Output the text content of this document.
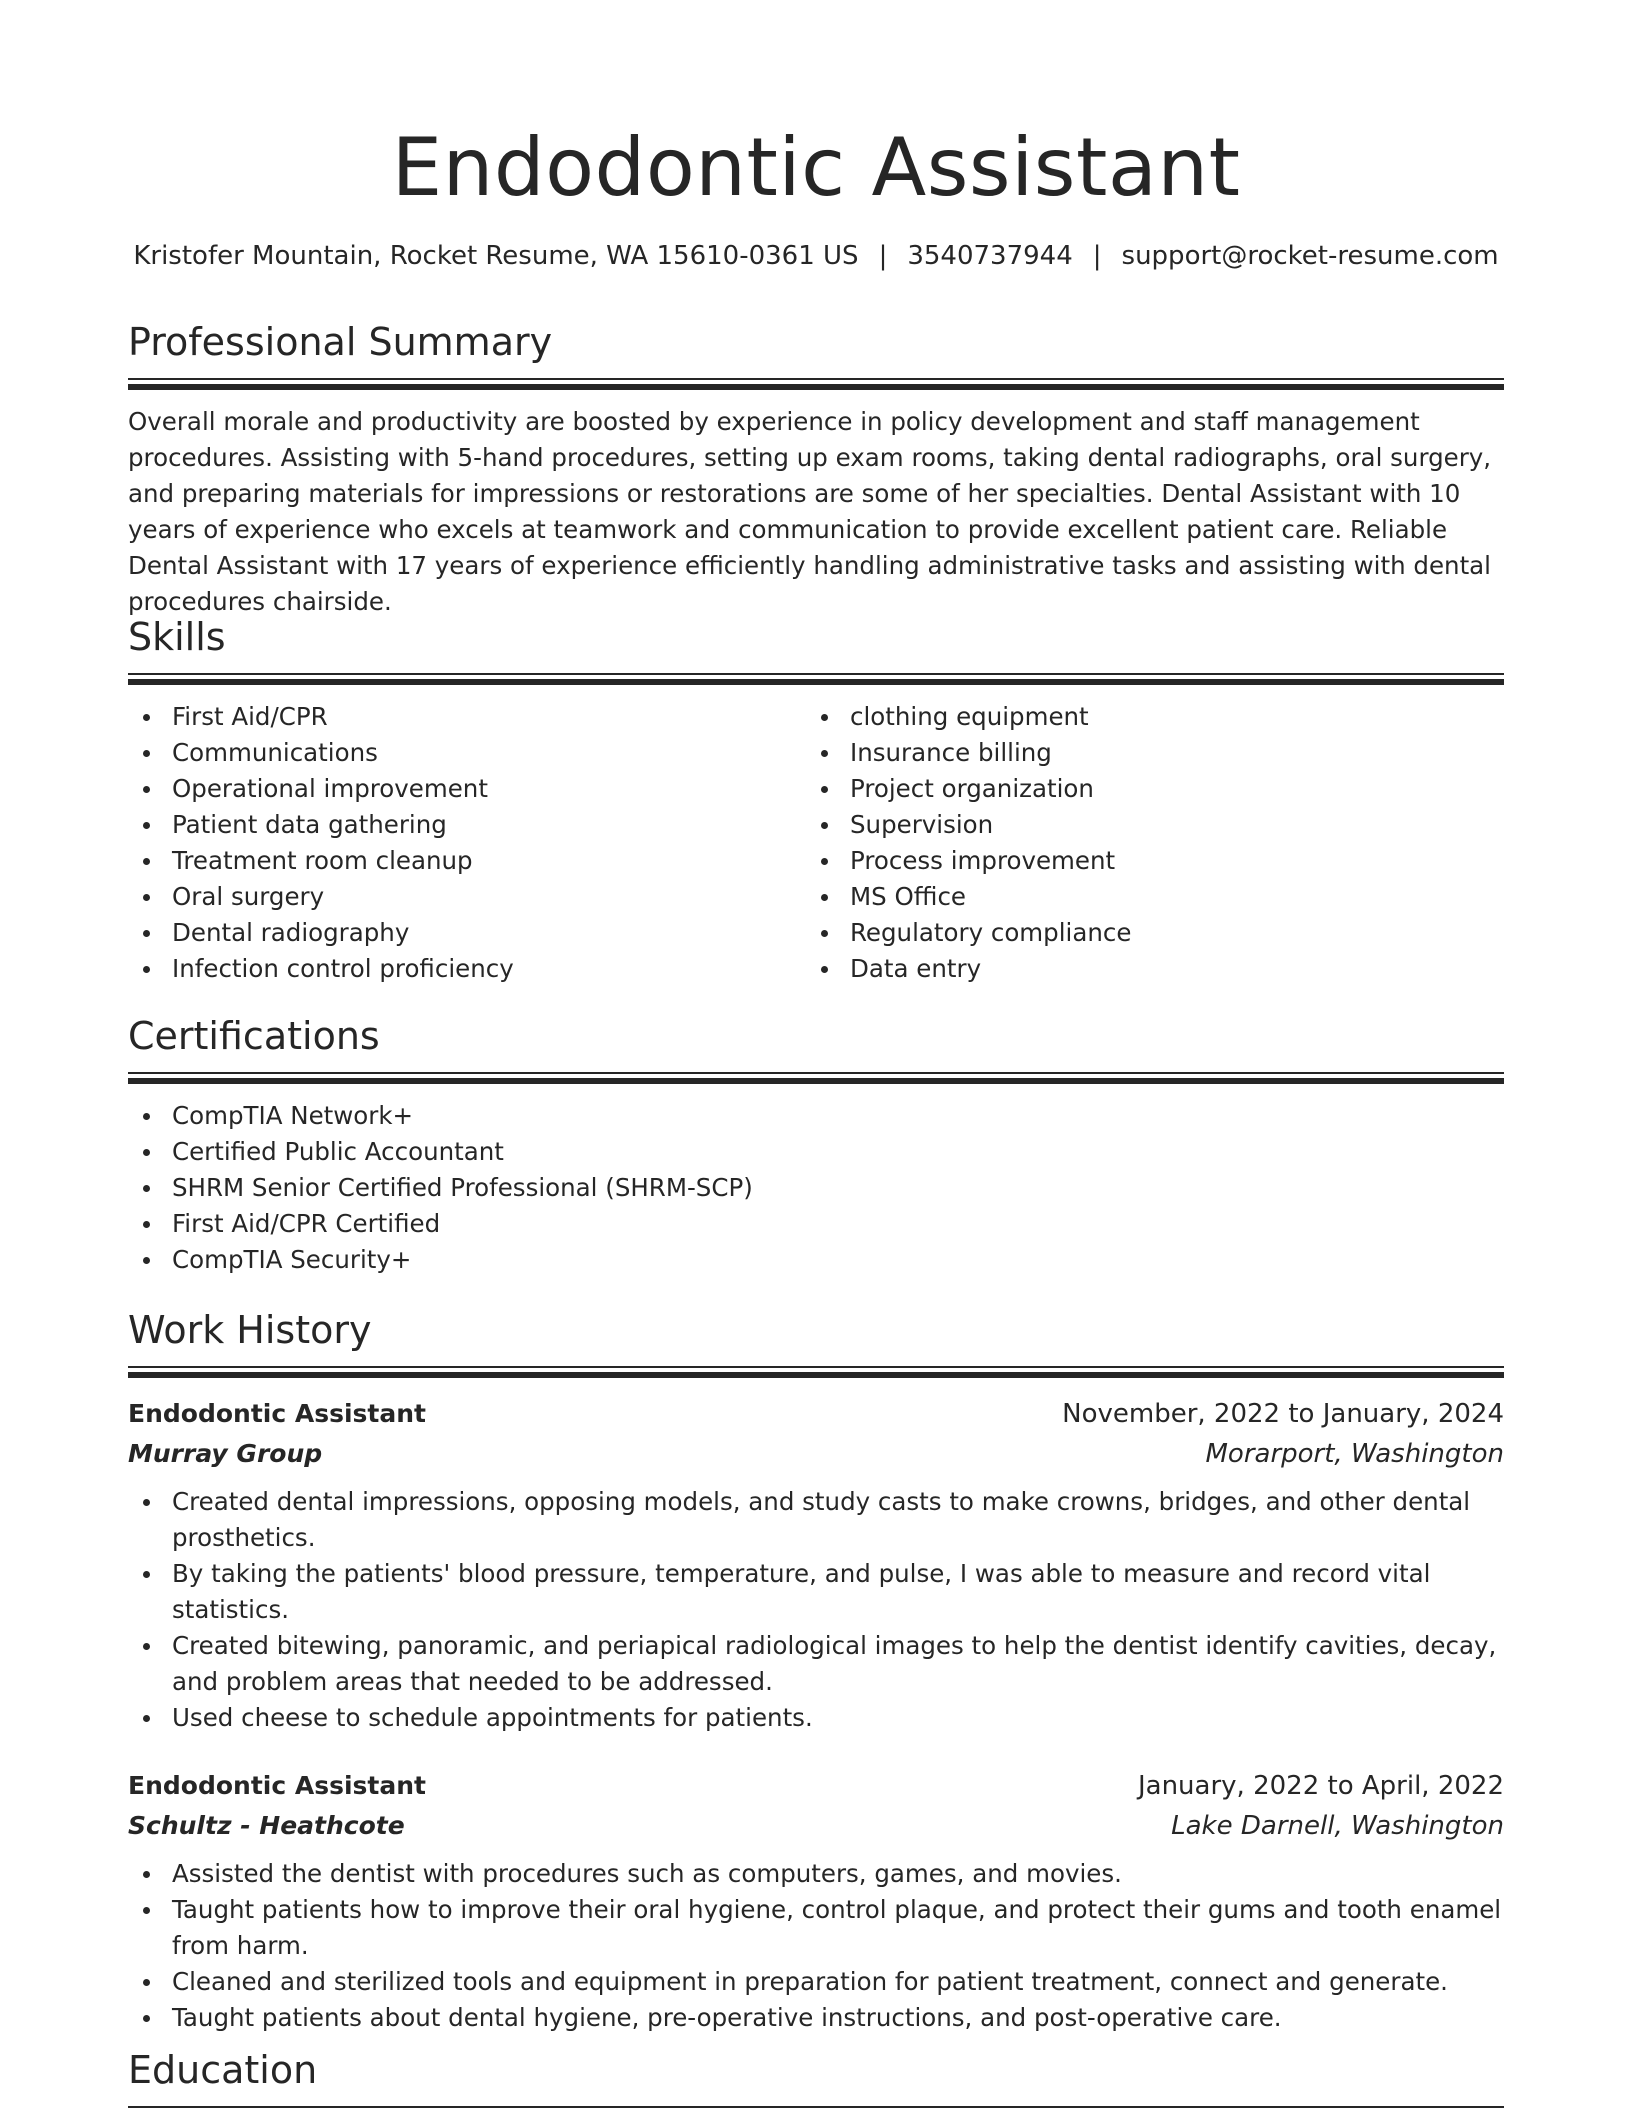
Endodontic Assistant
Kristofer Mountain, Rocket Resume, WA 15610-0361 US | 3540737944 | support@rocket-resume.com
Professional Summary

Overall morale and productivity are boosted by experience in policy development and staff management procedures. Assisting with 5-hand procedures, setting up exam rooms, taking dental radiographs, oral surgery, and preparing materials for impressions or restorations are some of her specialties. Dental Assistant with 10 years of experience who excels at teamwork and communication to provide excellent patient care. Reliable Dental Assistant with 17 years of experience efficiently handling administrative tasks and assisting with dental procedures chairside.

Skills
First Aid/CPR
Communications
Operational improvement
Patient data gathering
Treatment room cleanup
Oral surgery
Dental radiography
Infection control proficiency
clothing equipment
Insurance billing
Project organization
Supervision
Process improvement
MS Office
Regulatory compliance
Data entry
Certifications
CompTIA Network+
Certified Public Accountant
SHRM Senior Certified Professional (SHRM-SCP)
First Aid/CPR Certified
CompTIA Security+
Work History
Endodontic Assistant	November, 2022 to January, 2024
Murray Group	Morarport, Washington
Created dental impressions, opposing models, and study casts to make crowns, bridges, and other dental prosthetics.
By taking the patients' blood pressure, temperature, and pulse, I was able to measure and record vital statistics.
Created bitewing, panoramic, and periapical radiological images to help the dentist identify cavities, decay, and problem areas that needed to be addressed.
Used cheese to schedule appointments for patients.
Endodontic Assistant	January, 2022 to April, 2022
Schultz - Heathcote	Lake Darnell, Washington
Assisted the dentist with procedures such as computers, games, and movies.
Taught patients how to improve their oral hygiene, control plaque, and protect their gums and tooth enamel from harm.
Cleaned and sterilized tools and equipment in preparation for patient treatment, connect and generate.
Taught patients about dental hygiene, pre-operative instructions, and post-operative care.
Education
